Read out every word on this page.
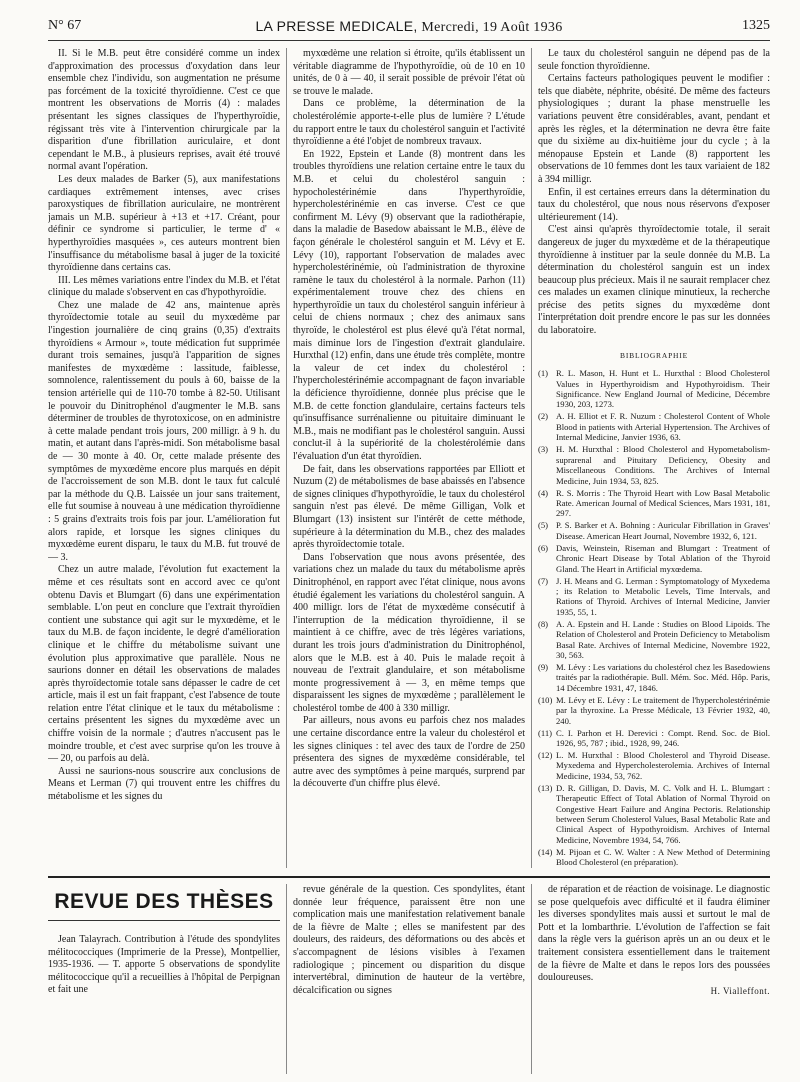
N° 67	LA PRESSE MEDICALE, Mercredi, 19 Août 1936	1325

II. Si le M.B. peut être considéré comme un index d'approximation des processus d'oxydation dans leur ensemble chez l'individu, son augmentation ne présume pas forcément de la toxicité thyroïdienne. C'est ce que montrent les observations de Morris (4) : malades présentant les signes classiques de l'hyperthyroïdie, régissant très vite à l'intervention chirurgicale par la disparition d'une fibrillation auriculaire, et dont cependant le M.B., à plusieurs reprises, avait été trouvé normal avant l'opération.

Les deux malades de Barker (5), aux manifestations cardiaques extrêmement intenses, avec crises paroxystiques de fibrillation auriculaire, ne montrèrent jamais un M.B. supérieur à +13 et +17. Créant, pour définir ce syndrome si particulier, le terme d' « hyperthyroïdies masquées », ces auteurs montrent bien l'insuffisance du métabolisme basal à juger de la toxicité thyroïdienne dans certains cas.

III. Les mêmes variations entre l'index du M.B. et l'état clinique du malade s'observent en cas d'hypothyroïdie.

Chez une malade de 42 ans, maintenue après thyroïdectomie totale au seuil du myxœdème par l'ingestion journalière de cinq grains (0,35) d'extraits thyroïdiens « Armour », toute médication fut supprimée durant trois semaines, jusqu'à l'apparition de signes manifestes de myxœdème : lassitude, faiblesse, somnolence, ralentissement du pouls à 60, baisse de la tension artérielle qui de 110-70 tombe à 82-50. Utilisant le pouvoir du Dinitrophénol d'augmenter le M.B. sans déterminer de troubles de thyrotoxicose, on en administre à cette malade pendant trois jours, 200 milligr. à 9 h. du matin, et autant dans l'après-midi. Son métabolisme basal de — 30 monte à 40. Or, cette malade présente des symptômes de myxœdème encore plus marqués en dépit de l'accroissement de son M.B. dont le taux fut calculé par la méthode du Q.B. Laissée un jour sans traitement, elle fut soumise à nouveau à une médication thyroïdienne : 5 grains d'extraits trois fois par jour. L'amélioration fut alors rapide, et lorsque les signes cliniques du myxœdème eurent disparu, le taux du M.B. fut trouvé de — 3.

Chez un autre malade, l'évolution fut exactement la même et ces résultats sont en accord avec ce qu'ont obtenu Davis et Blumgart (6) dans une expérimentation semblable. L'on peut en conclure que l'extrait thyroïdien contient une substance qui agit sur le myxœdème, et le taux du M.B. de façon incidente, le degré d'amélioration clinique et le chiffre du métabolisme suivant une évolution plus approximative que parallèle. Nous ne saurions donner en détail les observations de malades après thyroïdectomie totale sans dépasser le cadre de cet article, mais il est un fait frappant, c'est l'absence de toute relation entre l'état clinique et le taux du métabolisme : certains présentent les signes du myxœdème avec un chiffre voisin de la normale ; d'autres n'accusent pas le moindre trouble, et c'est avec surprise qu'on les trouve à — 20, ou parfois au delà.

Aussi ne saurions-nous souscrire aux conclusions de Means et Lerman (7) qui trouvent entre les chiffres du métabolisme et les signes du

myxœdème une relation si étroite, qu'ils établissent un véritable diagramme de l'hypothyroïdie, où de 10 en 10 unités, de 0 à — 40, il serait possible de prévoir l'état où se trouve le malade.

Dans ce problème, la détermination de la cholestérolémie apporte-t-elle plus de lumière ? L'étude du rapport entre le taux du cholestérol sanguin et l'activité thyroïdienne a été l'objet de nombreux travaux.

En 1922, Epstein et Lande (8) montrent dans les troubles thyroïdiens une relation certaine entre le taux du M.B. et celui du cholestérol sanguin : hypocholestérinémie dans l'hyperthyroïdie, hypercholestérinémie en cas inverse. C'est ce que confirment M. Lévy (9) observant que la radiothérapie, dans la maladie de Basedow abaissant le M.B., élève de façon générale le cholestérol sanguin et M. Lévy et E. Lévy (10), rapportant l'observation de malades avec hypercholestérinémie, où l'administration de thyroxine ramène le taux du cholestérol à la normale. Parhon (11) expérimentalement trouve chez des chiens en hyperthyroïdie un taux du cholestérol sanguin inférieur à celui de chiens normaux ; chez des animaux sans thyroïde, le cholestérol est plus élevé qu'à l'état normal, mais diminue lors de l'ingestion d'extrait glandulaire. Hurxthal (12) enfin, dans une étude très complète, montre la valeur de cet index du cholestérol : l'hypercholestérinémie accompagnant de façon invariable la déficience thyroïdienne, donnée plus précise que le M.B. de cette fonction glandulaire, certains facteurs tels qu'insuffisance surrénalienne ou pituitaire diminuant le M.B., mais ne modifiant pas le cholestérol sanguin. Aussi conclut-il à la supériorité de la cholestérolémie dans l'évaluation d'un état thyroïdien.

De fait, dans les observations rapportées par Elliott et Nuzum (2) de métabolismes de base abaissés en l'absence de signes cliniques d'hypothyroïdie, le taux du cholestérol sanguin n'est pas élevé. De même Gilligan, Volk et Blumgart (13) insistent sur l'intérêt de cette méthode, supérieure à la détermination du M.B., chez des malades après thyroïdectomie totale.

Dans l'observation que nous avons présentée, des variations chez un malade du taux du métabolisme après Dinitrophénol, en rapport avec l'état clinique, nous avons étudié également les variations du cholestérol sanguin. A 400 milligr. lors de l'état de myxœdème consécutif à l'interruption de la médication thyroïdienne, il se maintient à ce chiffre, avec de très légères variations, durant les trois jours d'administration du Dinitrophénol, alors que le M.B. est à 40. Puis le malade reçoit à nouveau de l'extrait glandulaire, et son métabolisme monte progressivement à — 3, en même temps que disparaissent les signes de myxœdème ; parallèlement le cholestérol tombe de 400 à 330 milligr.

Par ailleurs, nous avons eu parfois chez nos malades une certaine discordance entre la valeur du cholestérol et les signes cliniques : tel avec des taux de l'ordre de 250 présentera des signes de myxœdème considérable, tel autre avec des symptômes à peine marqués, surprend par la découverte d'un chiffre plus élevé.

Le taux du cholestérol sanguin ne dépend pas de la seule fonction thyroïdienne.

Certains facteurs pathologiques peuvent le modifier : tels que diabète, néphrite, obésité. De même des facteurs physiologiques ; durant la phase menstruelle les variations peuvent être considérables, avant, pendant et après les règles, et la détermination ne devra être faite que du sixième au dix-huitième jour du cycle ; à la ménopause Epstein et Lande (8) rapportent les observations de 10 femmes dont les taux variaient de 182 à 394 milligr.

Enfin, il est certaines erreurs dans la détermination du taux du cholestérol, que nous nous réservons d'exposer ultérieurement (14).

C'est ainsi qu'après thyroïdectomie totale, il serait dangereux de juger du myxœdème et de la thérapeutique thyroïdienne à instituer par la seule donnée du M.B. La détermination du cholestérol sanguin est un index beaucoup plus précieux. Mais il ne saurait remplacer chez ces malades un examen clinique minutieux, la recherche précise des petits signes du myxœdème dont l'interprétation doit prendre encore le pas sur les données du laboratoire.

BIBLIOGRAPHIE
(1) R. L. Mason, H. Hunt et L. Hurxthal : Blood Cholesterol Values in Hyperthyroidism and Hypothyroidism. Their Significance. New England Journal of Medicine, Décembre 1930, 203, 1273.
(2) A. H. Elliot et F. R. Nuzum : Cholesterol Content of Whole Blood in patients with Arterial Hypertension. The Archives of Internal Medicine, Janvier 1936, 63.
(3) H. M. Hurxthal : Blood Cholesterol and Hypometabolism-suprarenal and Pituitary Deficiency, Obesity and Miscellaneous Conditions. The Archives of Internal Medicine, Juin 1934, 53, 825.
(4) R. S. Morris : The Thyroid Heart with Low Basal Metabolic Rate. American Journal of Medical Sciences, Mars 1931, 181, 297.
(5) P. S. Barker et A. Bohning : Auricular Fibrillation in Graves' Disease. American Heart Journal, Novembre 1932, 6, 121.
(6) Davis, Weinstein, Riseman and Blumgart : Treatment of Chronic Heart Disease by Total Ablation of the Thyroid Gland. The Heart in Artificial myxœdema.
(7) J. H. Means and G. Lerman : Symptomatology of Myxedema ; its Relation to Metabolic Levels, Time Intervals, and Rations of Thyroid. Archives of Internal Medicine, Janvier 1935, 55, 1.
(8) A. A. Epstein and H. Lande : Studies on Blood Lipoids. The Relation of Cholesterol and Protein Deficiency to Metabolism Basal Rate. Archives of Internal Medicine, Novembre 1922, 30, 563.
(9) M. Lévy : Les variations du cholestérol chez les Basedowiens traités par la radiothérapie. Bull. Mém. Soc. Méd. Hôp. Paris, 14 Décembre 1931, 47, 1846.
(10) M. Lévy et E. Lévy : Le traitement de l'hypercholestérinémie par la thyroxine. La Presse Médicale, 13 Février 1932, 40, 240.
(11) C. I. Parhon et H. Derevici : Compt. Rend. Soc. de Biol. 1926, 95, 787 ; ibid., 1928, 99, 246.
(12) L. M. Hurxthal : Blood Cholesterol and Thyroid Disease. Myxedema and Hypercholesterolemia. Archives of Internal Medicine, 1934, 53, 762.
(13) D. R. Gilligan, D. Davis, M. C. Volk and H. L. Blumgart : Therapeutic Effect of Total Ablation of Normal Thyroid on Congestive Heart Failure and Angina Pectoris. Relationship between Serum Cholesterol Values, Basal Metabolic Rate and Clinical Aspect of Hypothyroidism. Archives of Internal Medicine, Novembre 1934, 54, 766.
(14) M. Pijoan et C. W. Walter : A New Method of Determining Blood Cholesterol (en préparation).
REVUE DES THÈSES

Jean Talayrach. Contribution à l'étude des spondylites mélitococciques (Imprimerie de la Presse), Montpellier, 1935-1936. — T. apporte 5 observations de spondylite mélitococcique qu'il a recueillies à l'hôpital de Perpignan et fait une

revue générale de la question. Ces spondylites, étant donnée leur fréquence, paraissent être non une complication mais une manifestation relativement banale de la fièvre de Malte ; elles se manifestent par des douleurs, des raideurs, des déformations ou des abcès et s'accompagnent de lésions visibles à l'examen radiologique ; pincement ou disparition du disque intervertébral, diminution de hauteur de la vertèbre, décalcification ou signes

de réparation et de réaction de voisinage. Le diagnostic se pose quelquefois avec difficulté et il faudra éliminer les diverses spondylites mais aussi et surtout le mal de Pott et la lombarthrie. L'évolution de l'affection se fait dans la règle vers la guérison après un an ou deux et le traitement consistera essentiellement dans le traitement de la fièvre de Malte et dans le repos lors des poussées douloureuses.

H. Vialleffont.
